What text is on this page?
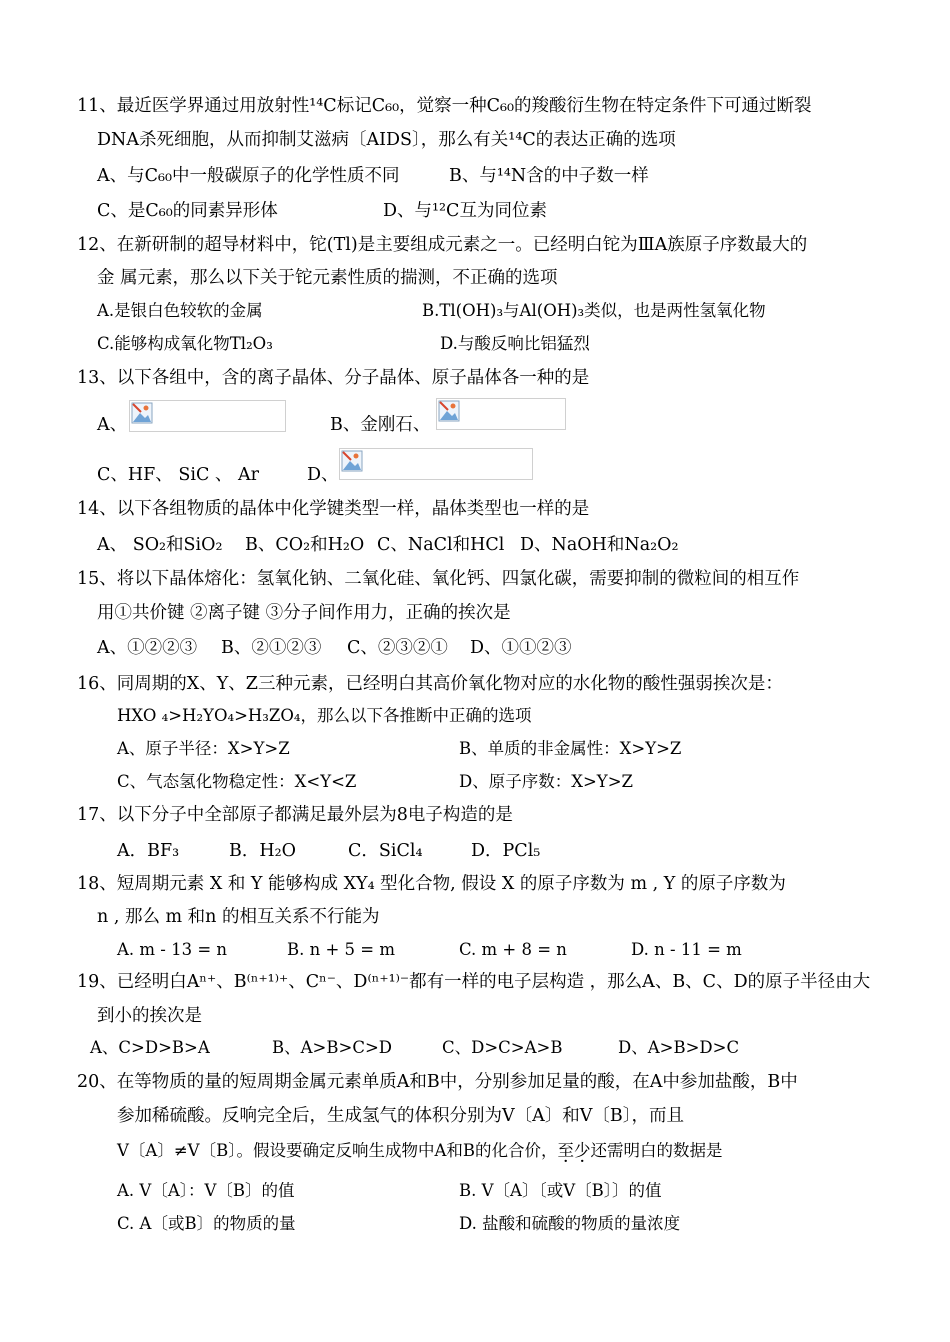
11、最近医学界通过用放射性¹⁴C标记C₆₀，觉察一种C₆₀的羧酸衍生物在特定条件下可通过断裂
DNA杀死细胞，从而抑制艾滋病〔AIDS〕，那么有关¹⁴C的表达正确的选项
A、与C₆₀中一般碳原子的化学性质不同	B、与¹⁴N含的中子数一样
C、是C₆₀的同素异形体	D、与¹²C互为同位素
12、在新研制的超导材料中，铊(Tl)是主要组成元素之一。已经明白铊为ⅢA族原子序数最大的
金 属元素，那么以下关于铊元素性质的揣测，不正确的选项
A.是银白色较软的金属	B.Tl(OH)₃与Al(OH)₃类似，也是两性氢氧化物
C.能够构成氧化物Tl₂O₃	D.与酸反响比铝猛烈
13、以下各组中，含的离子晶体、分子晶体、原子晶体各一种的是
A、	B、金刚石、
C、HF、 SiC 、 Ar	D、
14、以下各组物质的晶体中化学键类型一样，晶体类型也一样的是
A、 SO₂和SiO₂ B、CO₂和H₂O C、NaCl和HCl D、NaOH和Na₂O₂
15、将以下晶体熔化：氢氧化钠、二氧化硅、氧化钙、四氯化碳，需要抑制的微粒间的相互作
用①共价键 ②离子键 ③分子间作用力，正确的挨次是
A、①②②③ B、②①②③ C、②③②① D、①①②③
16、同周期的X、Y、Z三种元素，已经明白其高价氧化物对应的水化物的酸性强弱挨次是：
HXO ₄>H₂YO₄>H₃ZO₄，那么以下各推断中正确的选项
A、原子半径：X>Y>Z	B、单质的非金属性：X>Y>Z
C、气态氢化物稳定性：X<Y<Z	D、原子序数：X>Y>Z
17、以下分子中全部原子都满足最外层为8电子构造的是
A．BF₃	B．H₂O	C．SiCl₄	D．PCl₅
18、短周期元素 X 和 Y 能够构成 XY₄ 型化合物, 假设 X 的原子序数为 m , Y 的原子序数为
n , 那么 m 和n 的相互关系不行能为
A. m - 13 = n	B. n + 5 = m	C. m + 8 = n	D. n - 11 = m
19、已经明白Aⁿ⁺、B⁽ⁿ⁺¹⁾⁺、Cⁿ⁻、D⁽ⁿ⁺¹⁾⁻都有一样的电子层构造 ，那么A、B、C、D的原子半径由大
到小的挨次是
A、C>D>B>A	B、A>B>C>D	C、D>C>A>B	D、A>B>D>C
20、在等物质的量的短周期金属元素单质A和B中，分别参加足量的酸，在A中参加盐酸，B中
参加稀硫酸。反响完全后，生成氢气的体积分别为V〔A〕和V〔B〕，而且
V〔A〕≠V〔B〕。假设要确定反响生成物中A和B的化合价，至少还需明白的数据是
A. V〔A〕：V〔B〕的值	B. V〔A〕〔或V〔B〕〕的值
C. A〔或B〕的物质的量	D. 盐酸和硫酸的物质的量浓度
